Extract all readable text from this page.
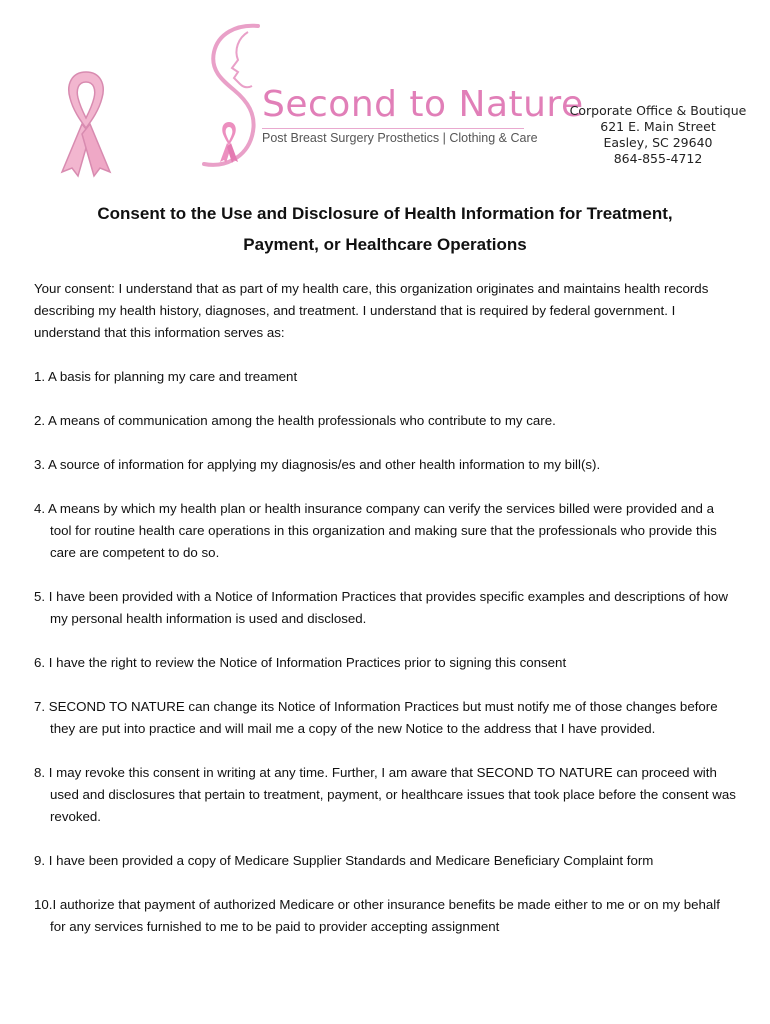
Second to Nature
Post Breast Surgery Prosthetics | Clothing & Care
Corporate Office & Boutique
621 E. Main Street
Easley, SC 29640
864-855-4712
Consent to the Use and Disclosure of Health Information for Treatment,
Payment, or Healthcare Operations

Your consent: I understand that as part of my health care, this organization originates and maintains health records describing my health history, diagnoses, and treatment. I understand that is required by federal government. I understand that this information serves as:

1. A basis for planning my care and treament
2. A means of communication among the health professionals who contribute to my care.
3. A source of information for applying my diagnosis/es and other health information to my bill(s).
4. A means by which my health plan or health insurance company can verify the services billed were provided and a tool for routine health care operations in this organization and making sure that the professionals who provide this care are competent to do so.
5. I have been provided with a Notice of Information Practices that provides specific examples and descriptions of how my personal health information is used and disclosed.
6. I have the right to review the Notice of Information Practices prior to signing this consent
7. SECOND TO NATURE can change its Notice of Information Practices but must notify me of those changes before they are put into practice and will mail me a copy of the new Notice to the address that I have provided.
8. I may revoke this consent in writing at any time. Further, I am aware that SECOND TO NATURE can proceed with used and disclosures that pertain to treatment, payment, or healthcare issues that took place before the consent was revoked.
9. I have been provided a copy of Medicare Supplier Standards and Medicare Beneficiary Complaint form
10.I authorize that payment of authorized Medicare or other insurance benefits be made either to me or on my behalf for any services furnished to me to be paid to provider accepting assignment
